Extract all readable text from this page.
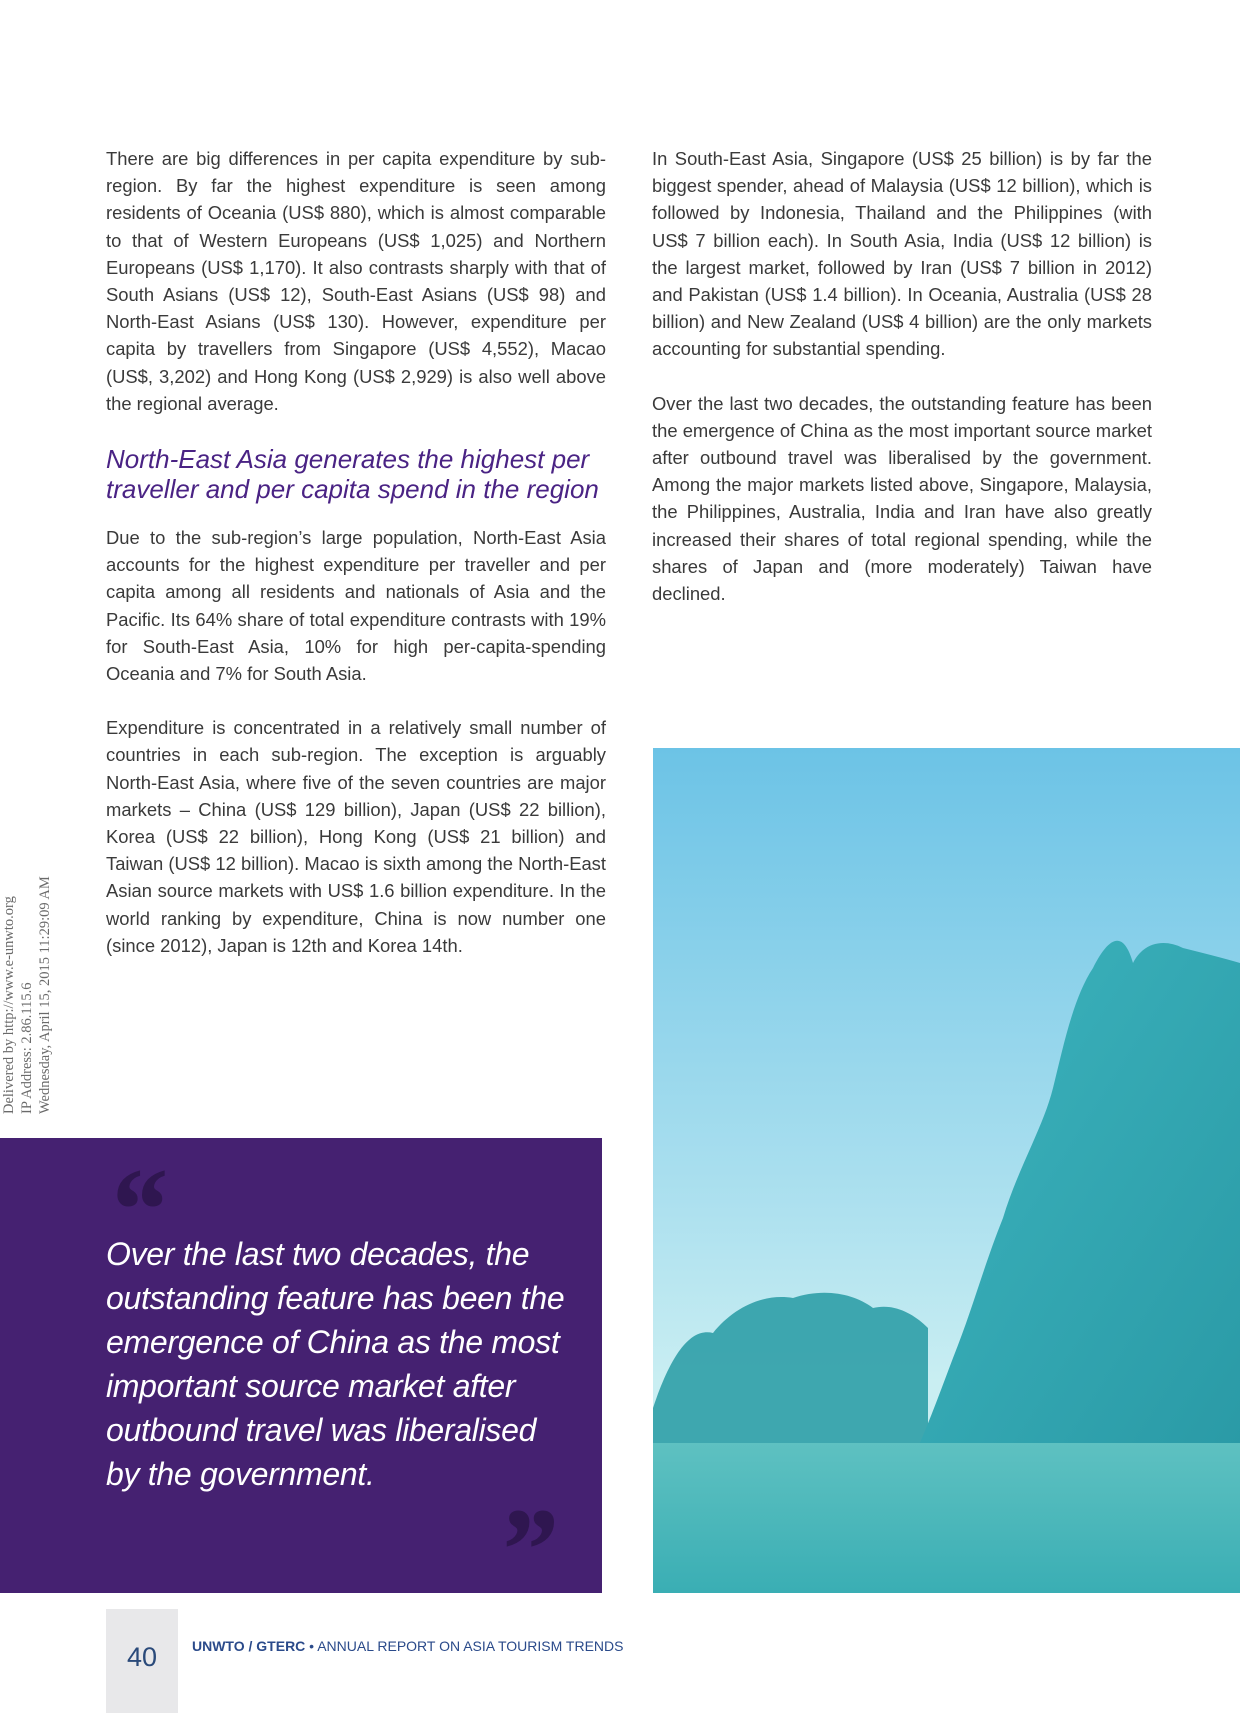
There are big differences in per capita expenditure by sub-region. By far the highest expenditure is seen among residents of Oceania (US$ 880), which is almost comparable to that of Western Europeans (US$ 1,025) and Northern Europeans (US$ 1,170). It also contrasts sharply with that of South Asians (US$ 12), South-East Asians (US$ 98) and North-East Asians (US$ 130). However, expenditure per capita by travellers from Singapore (US$ 4,552), Macao (US$, 3,202) and Hong Kong (US$ 2,929) is also well above the regional average.

North-East Asia generates the highest per traveller and per capita spend in the region

Due to the sub-region’s large population, North-East Asia accounts for the highest expenditure per traveller and per capita among all residents and nationals of Asia and the Pacific. Its 64% share of total expenditure contrasts with 19% for South-East Asia, 10% for high per-capita-spending Oceania and 7% for South Asia.

Expenditure is concentrated in a relatively small number of countries in each sub-region. The exception is arguably North-East Asia, where five of the seven countries are major markets – China (US$ 129 billion), Japan (US$ 22 billion), Korea (US$ 22 billion), Hong Kong (US$ 21 billion) and Taiwan (US$ 12 billion). Macao is sixth among the North-East Asian source markets with US$ 1.6 billion expenditure. In the world ranking by expenditure, China is now number one (since 2012), Japan is 12th and Korea 14th.

In South-East Asia, Singapore (US$ 25 billion) is by far the biggest spender, ahead of Malaysia (US$ 12 billion), which is followed by Indonesia, Thailand and the Philippines (with US$ 7 billion each). In South Asia, India (US$ 12 billion) is the largest market, followed by Iran (US$ 7 billion in 2012) and Pakistan (US$ 1.4 billion). In Oceania, Australia (US$ 28 billion) and New Zealand (US$ 4 billion) are the only markets accounting for substantial spending.

Over the last two decades, the outstanding feature has been the emergence of China as the most important source market after outbound travel was liberalised by the government. Among the major markets listed above, Singapore, Malaysia, the Philippines, Australia, India and Iran have also greatly increased their shares of total regional spending, while the shares of Japan and (more moderately) Taiwan have declined.

Delivered by http://www.e-unwto.org IP Address: 2.86.115.6 Wednesday, April 15, 2015 11:29:09 AM
“
Over the last two decades, the outstanding feature has been the emergence of China as the most important source market after outbound travel was liberalised by the government.
”
40	UNWTO / GTERC • ANNUAL REPORT ON ASIA TOURISM TRENDS
